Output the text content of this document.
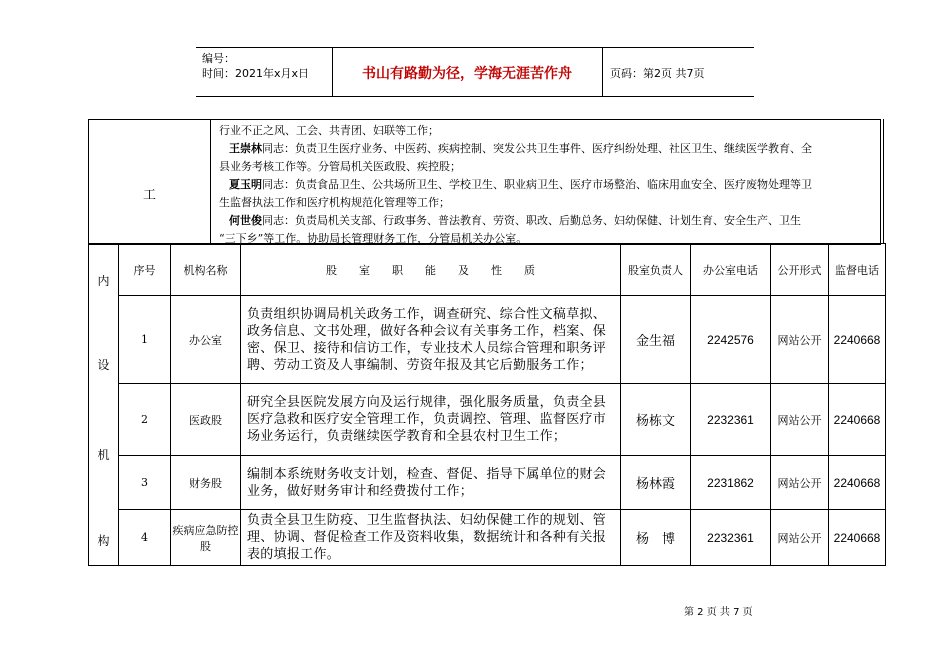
编号：
时间：2021年x月x日	书山有路勤为径，学海无涯苦作舟	页码：第2页 共7页
工
行业不正之风、工会、共青团、妇联等工作；
王崇林同志：负责卫生医疗业务、中医药、疾病控制、突发公共卫生事件、医疗纠纷处理、社区卫生、继续医学教育、全
县业务考核工作等。分管局机关医政股、疾控股；
夏玉明同志：负责食品卫生、公共场所卫生、学校卫生、职业病卫生、医疗市场整治、临床用血安全、医疗废物处理等卫
生监督执法工作和医疗机构规范化管理等工作；
何世俊同志：负责局机关支部、行政事务、普法教育、劳资、职改、后勤总务、妇幼保健、计划生育、安全生产、卫生
“三下乡”等工作。协助局长管理财务工作，分管局机关办公室。
内
设
机
构	序号	机构名称	股　　室　　职　　能　　及　　性　　质	股室负责人	办公室电话	公开形式	监督电话
	1	办公室	负责组织协调局机关政务工作，调查研究、综合性文稿草拟、政务信息、文书处理，做好各种会议有关事务工作，档案、保密、保卫、接待和信访工作，专业技术人员综合管理和职务评聘、劳动工资及人事编制、劳资年报及其它后勤服务工作；	金生福	2242576	网站公开	2240668
	2	医政股	研究全县医院发展方向及运行规律，强化服务质量，负责全县医疗急救和医疗安全管理工作，负责调控、管理、监督医疗市场业务运行，负责继续医学教育和全县农村卫生工作；	杨栋文	2232361	网站公开	2240668
	3	财务股	编制本系统财务收支计划，检查、督促、指导下属单位的财会业务，做好财务审计和经费拨付工作；	杨林霞	2231862	网站公开	2240668
	4	疾病应急防控股	负责全县卫生防疫、卫生监督执法、妇幼保健工作的规划、管理、协调、督促检查工作及资料收集，数据统计和各种有关报表的填报工作。	杨　博	2232361	网站公开	2240668
第 2 页 共 7 页
